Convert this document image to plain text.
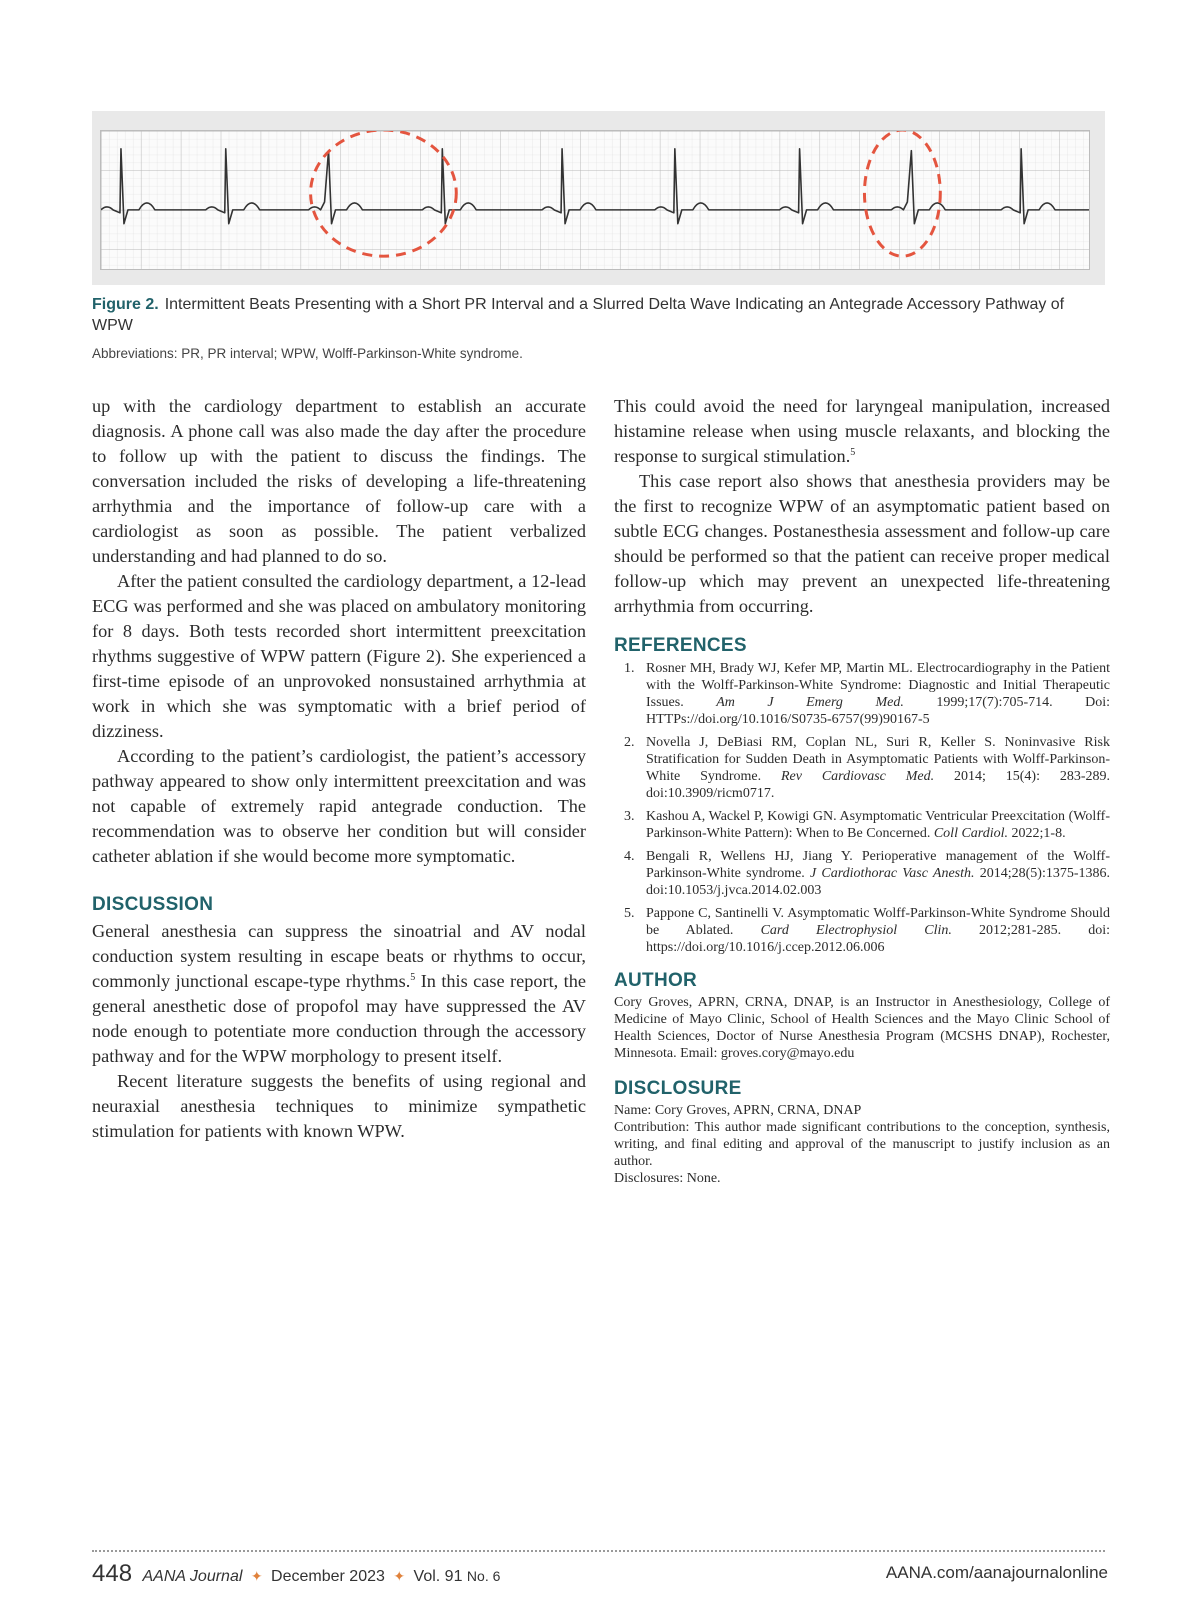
Figure 2. Intermittent Beats Presenting with a Short PR Interval and a Slurred Delta Wave Indicating an Antegrade Accessory Pathway of WPW
Abbreviations: PR, PR interval; WPW, Wolff-Parkinson-White syndrome.

up with the cardiology department to establish an accurate diagnosis. A phone call was also made the day after the procedure to follow up with the patient to discuss the findings. The conversation included the risks of developing a life-threatening arrhythmia and the importance of follow-up care with a cardiologist as soon as possible. The patient verbalized understanding and had planned to do so.

After the patient consulted the cardiology department, a 12-lead ECG was performed and she was placed on ambulatory monitoring for 8 days. Both tests recorded short intermittent preexcitation rhythms suggestive of WPW pattern (Figure 2). She experienced a first-time episode of an unprovoked nonsustained arrhythmia at work in which she was symptomatic with a brief period of dizziness.

According to the patient’s cardiologist, the patient’s accessory pathway appeared to show only intermittent preexcitation and was not capable of extremely rapid antegrade conduction. The recommendation was to observe her condition but will consider catheter ablation if she would become more symptomatic.

DISCUSSION

General anesthesia can suppress the sinoatrial and AV nodal conduction system resulting in escape beats or rhythms to occur, commonly junctional escape-type rhythms.$^5$ In this case report, the general anesthetic dose of propofol may have suppressed the AV node enough to potentiate more conduction through the accessory pathway and for the WPW morphology to present itself.

Recent literature suggests the benefits of using regional and neuraxial anesthesia techniques to minimize sympathetic stimulation for patients with known WPW.

This could avoid the need for laryngeal manipulation, increased histamine release when using muscle relaxants, and blocking the response to surgical stimulation.$^5$

This case report also shows that anesthesia providers may be the first to recognize WPW of an asymptomatic patient based on subtle ECG changes. Postanesthesia assessment and follow-up care should be performed so that the patient can receive proper medical follow-up which may prevent an unexpected life-threatening arrhythmia from occurring.

REFERENCES
1. Rosner MH, Brady WJ, Kefer MP, Martin ML. Electrocardiography in the Patient with the Wolff-Parkinson-White Syndrome: Diagnostic and Initial Therapeutic Issues. Am J Emerg Med. 1999;17(7):705-714. Doi: HTTPs://doi.org/10.1016/S0735-6757(99)90167-5
2. Novella J, DeBiasi RM, Coplan NL, Suri R, Keller S. Noninvasive Risk Stratification for Sudden Death in Asymptomatic Patients with Wolff-Parkinson-White Syndrome. Rev Cardiovasc Med. 2014; 15(4): 283-289. doi:10.3909/ricm0717.
3. Kashou A, Wackel P, Kowigi GN. Asymptomatic Ventricular Preexcitation (Wolff-Parkinson-White Pattern): When to Be Concerned. Coll Cardiol. 2022;1-8.
4. Bengali R, Wellens HJ, Jiang Y. Perioperative management of the Wolff-Parkinson-White syndrome. J Cardiothorac Vasc Anesth. 2014;28(5):1375-1386. doi:10.1053/j.jvca.2014.02.003
5. Pappone C, Santinelli V. Asymptomatic Wolff-Parkinson-White Syndrome Should be Ablated. Card Electrophysiol Clin. 2012;281-285. doi: https://doi.org/10.1016/j.ccep.2012.06.006
AUTHOR

Cory Groves, APRN, CRNA, DNAP, is an Instructor in Anesthesiology, College of Medicine of Mayo Clinic, School of Health Sciences and the Mayo Clinic School of Health Sciences, Doctor of Nurse Anesthesia Program (MCSHS DNAP), Rochester, Minnesota. Email: groves.cory@mayo.edu

DISCLOSURE

Name: Cory Groves, APRN, CRNA, DNAP

Contribution: This author made significant contributions to the conception, synthesis, writing, and final editing and approval of the manuscript to justify inclusion as an author.

Disclosures: None.

448 AANA Journal ✦ December 2023 ✦ Vol. 91 No. 6	AANA.com/aanajournalonline
